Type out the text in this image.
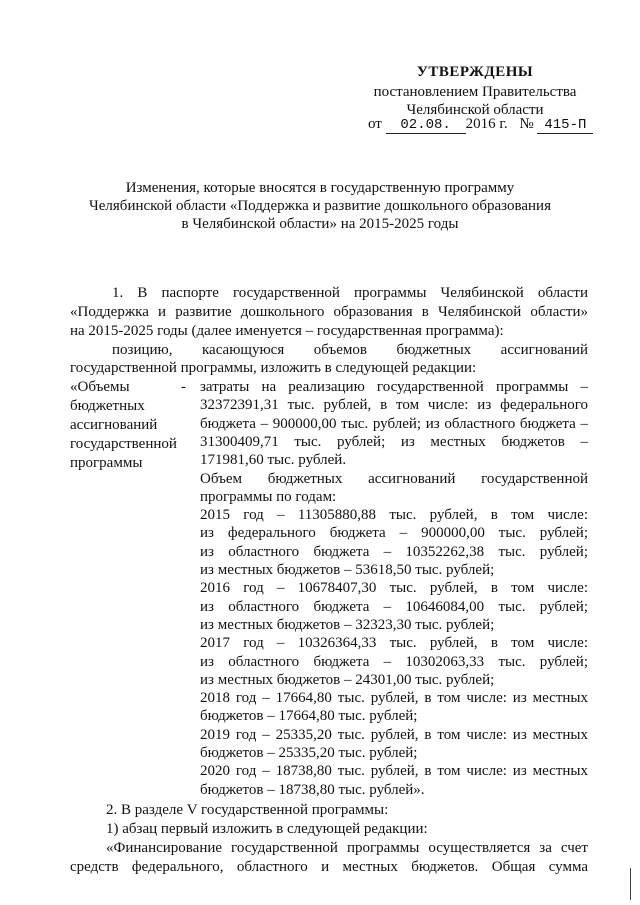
УТВЕРЖДЕНЫ
постановлением Правительства
Челябинской области
от 02.08. 2016 г. № 415-П
Изменения, которые вносятся в государственную программу
Челябинской области «Поддержка и развитие дошкольного образования
в Челябинской области» на 2015-2025 годы
1. В паспорте государственной программы Челябинской области
«Поддержка и развитие дошкольного образования в Челябинской области»
на 2015-2025 годы (далее именуется – государственная программа):
позицию, касающуюся объемов бюджетных ассигнований
государственной программы, изложить в следующей редакции:
«Объемы
бюджетных
ассигнований
государственной
программы
- затраты на реализацию государственной программы –
32372391,31 тыс. рублей, в том числе: из федерального
бюджета – 900000,00 тыс. рублей; из областного бюджета –
31300409,71 тыс. рублей; из местных бюджетов –
171981,60 тыс. рублей.
Объем бюджетных ассигнований государственной
программы по годам:
2015 год – 11305880,88 тыс. рублей, в том числе:
из федерального бюджета – 900000,00 тыс. рублей;
из областного бюджета – 10352262,38 тыс. рублей;
из местных бюджетов – 53618,50 тыс. рублей;
2016 год – 10678407,30 тыс. рублей, в том числе:
из областного бюджета – 10646084,00 тыс. рублей;
из местных бюджетов – 32323,30 тыс. рублей;
2017 год – 10326364,33 тыс. рублей, в том числе:
из областного бюджета – 10302063,33 тыс. рублей;
из местных бюджетов – 24301,00 тыс. рублей;
2018 год – 17664,80 тыс. рублей, в том числе: из местных
бюджетов – 17664,80 тыс. рублей;
2019 год – 25335,20 тыс. рублей, в том числе: из местных
бюджетов – 25335,20 тыс. рублей;
2020 год – 18738,80 тыс. рублей, в том числе: из местных
бюджетов – 18738,80 тыс. рублей».
2. В разделе V государственной программы:
1) абзац первый изложить в следующей редакции:
«Финансирование государственной программы осуществляется за счет
средств федерального, областного и местных бюджетов. Общая сумма
